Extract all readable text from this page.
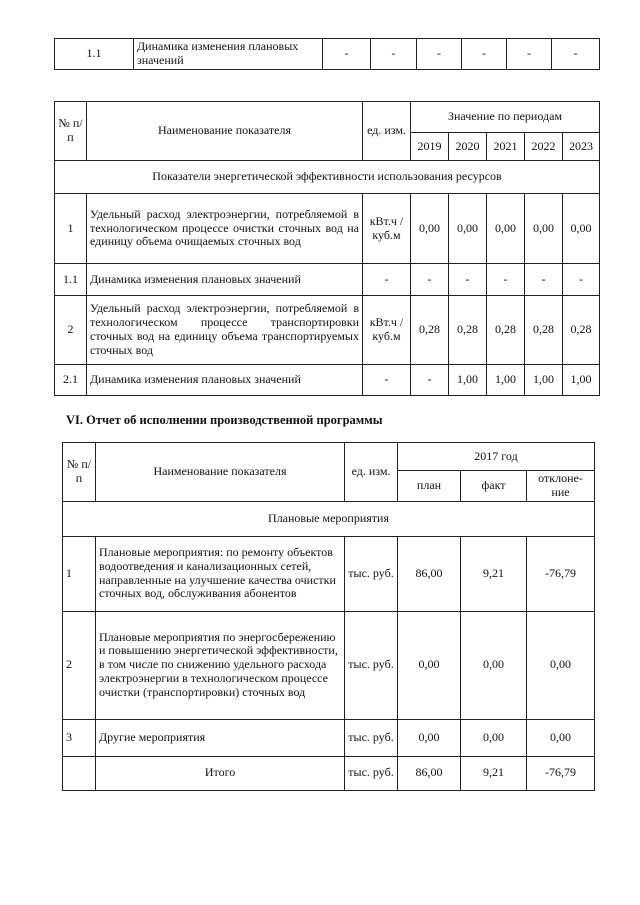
1.1	Динамика изменения плановых значений	-	-	-	-	-	-
№ п/п	Наименование показателя	ед. изм.	Значение по периодам				
			2019	2020	2021	2022	2023
Показатели энергетической эффективности использования ресурсов							
1	Удельный расход электроэнергии, потребляемой в технологическом процессе очистки сточных вод на единицу объема очищаемых сточных вод	кВт.ч / куб.м	0,00	0,00	0,00	0,00	0,00
1.1	Динамика изменения плановых значений	-	-	-	-	-	-
2	Удельный расход электроэнергии, потребляемой в технологическом процессе транспортировки сточных вод на единицу объема транспортируемых сточных вод	кВт.ч / куб.м	0,28	0,28	0,28	0,28	0,28
2.1	Динамика изменения плановых значений	-	-	1,00	1,00	1,00	1,00
VI. Отчет об исполнении производственной программы
№ п/п	Наименование показателя	ед. изм.	2017 год		
			план	факт	отклоне-ние
Плановые мероприятия					
1	Плановые мероприятия: по ремонту объектов водоотведения и канализационных сетей, направленные на улучшение качества очистки сточных вод, обслуживания абонентов	тыс. руб.	86,00	9,21	-76,79
2	Плановые мероприятия по энергосбережению и повышению энергетической эффективности, в том числе по снижению удельного расхода электроэнергии в технологическом процессе очистки (транспортировки) сточных вод	тыс. руб.	0,00	0,00	0,00
3	Другие мероприятия	тыс. руб.	0,00	0,00	0,00
	Итого	тыс. руб.	86,00	9,21	-76,79
